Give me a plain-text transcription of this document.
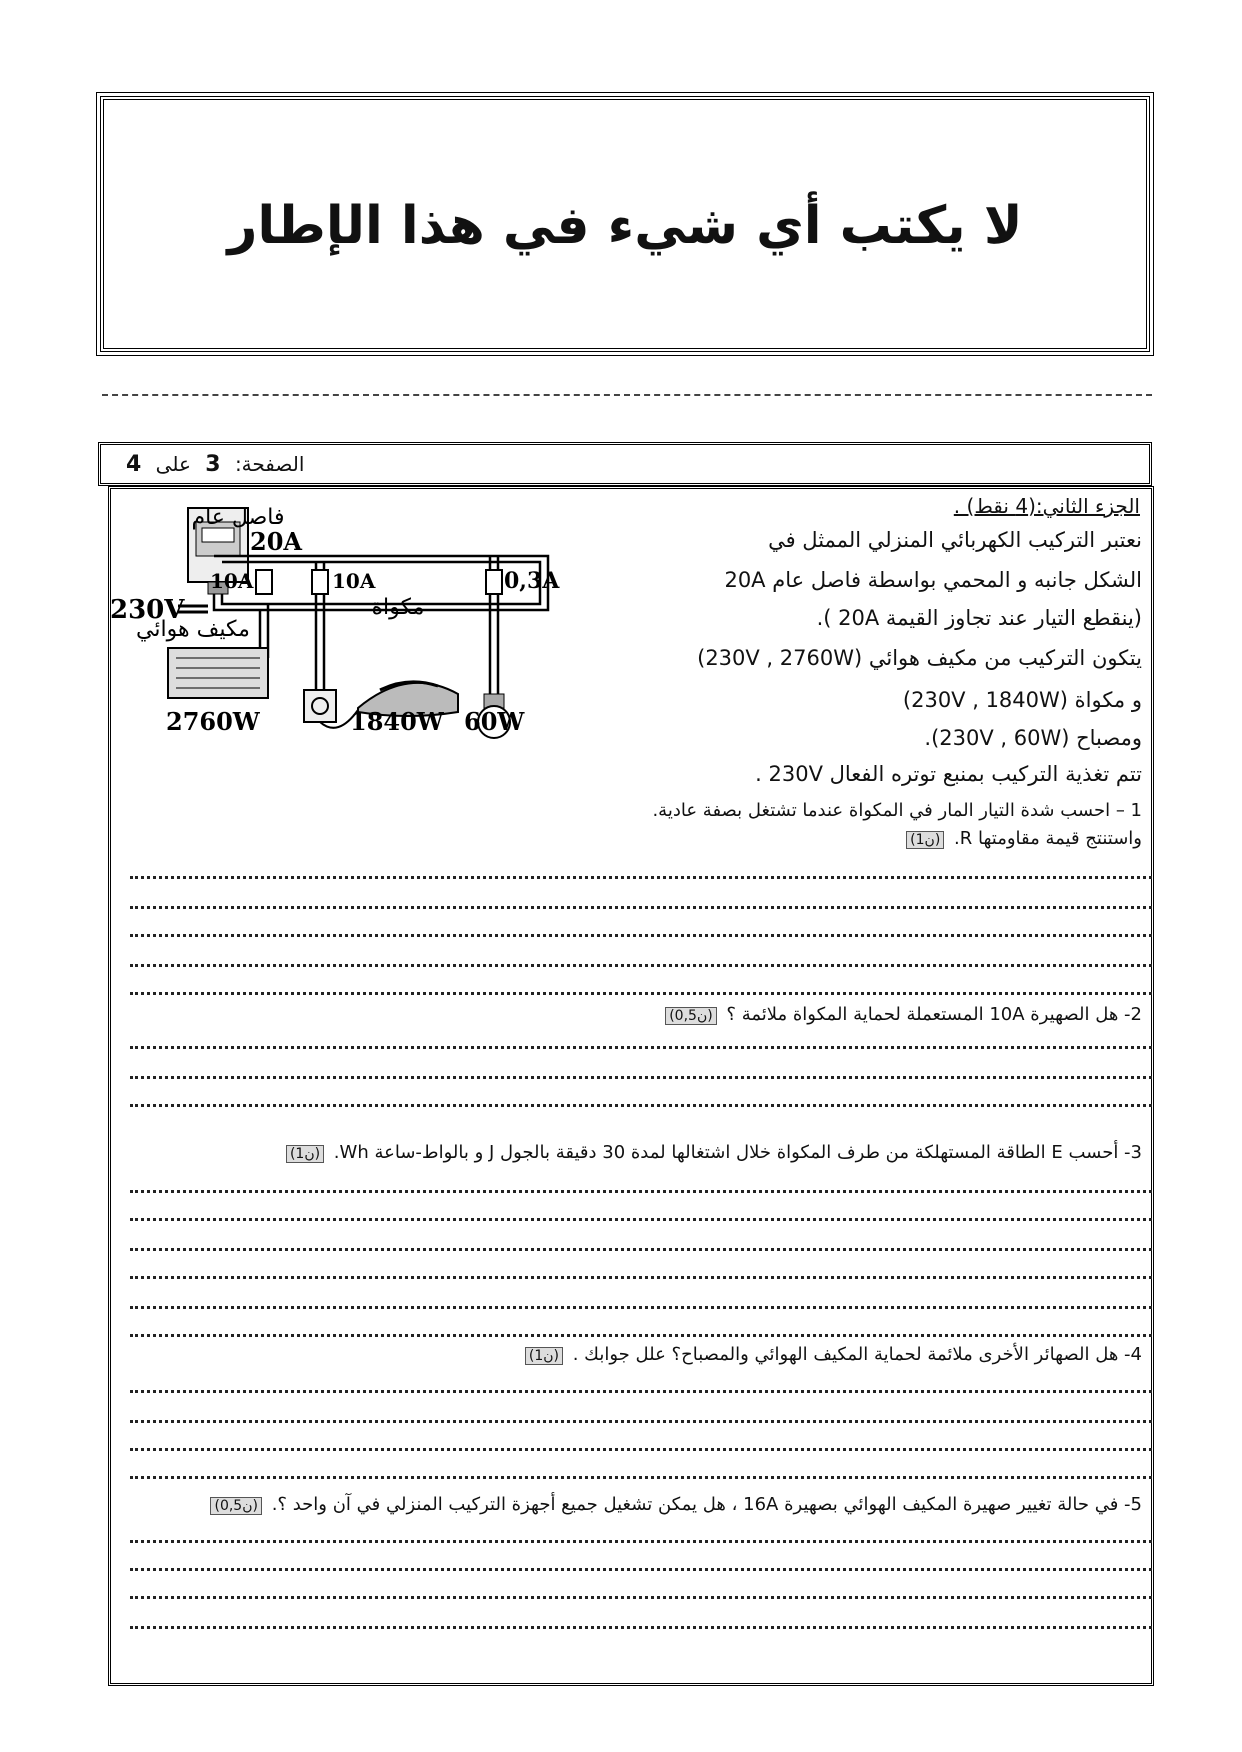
لا يكتب أي شيء في هذا الإطار
الصفحة: 3 على 4
فاصل عام
20A
230V
10A	10A	0,3A
مكيف هوائي
مكواة
2760W	1840W 60W
الجزء الثاني:(4 نقط) .
نعتبر التركيب الكهربائي المنزلي الممثل في
الشكل جانبه و المحمي بواسطة فاصل عام 20A
(ينقطع التيار عند تجاوز القيمة 20A ).
يتكون التركيب من مكيف هوائي (230V , 2760W)
و مكواة (230V , 1840W)
ومصباح (230V , 60W).
تتم تغذية التركيب بمنبع توتره الفعال 230V .
1 – احسب شدة التيار المار في المكواة عندما تشتغل بصفة عادية.
واستنتج قيمة مقاومتها R. (1ن)
2- هل الصهيرة 10A المستعملة لحماية المكواة ملائمة ؟ (0,5ن)
3- أحسب E الطاقة المستهلكة من طرف المكواة خلال اشتغالها لمدة 30 دقيقة بالجول J و بالواط-ساعة Wh. (1ن)
4- هل الصهائر الأخرى ملائمة لحماية المكيف الهوائي والمصباح؟ علل جوابك . (1ن)
5- في حالة تغيير صهيرة المكيف الهوائي بصهيرة 16A ، هل يمكن تشغيل جميع أجهزة التركيب المنزلي في آن واحد ؟. (0,5ن)
